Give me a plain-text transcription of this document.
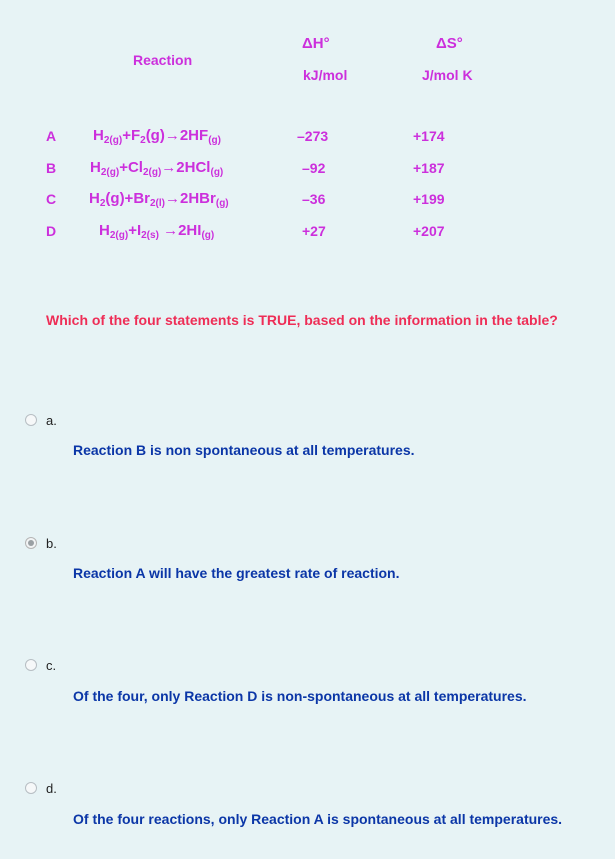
Reaction
ΔH°
kJ/mol
ΔS°
J/mol K
A $H_{2(g)}+F_2(g)\to 2HF_{(g)}$	–273	+174
B $H_{2(g)}+Cl_{2(g)}\to 2HCl_{(g)}$	–92	+187
C $H_2(g)+Br_{2(l)}\to 2HBr_{(g)}$	–36	+199
D	$H_{2(g)}+I_{2(s)} \to 2HI_{(g)}$	+27	+207
Which of the four statements is TRUE, based on the information in the table?
a.
Reaction B is non spontaneous at all temperatures.
b.
Reaction A will have the greatest rate of reaction.
c.
Of the four, only Reaction D is non-spontaneous at all temperatures.
d.
Of the four reactions, only Reaction A is spontaneous at all temperatures.
